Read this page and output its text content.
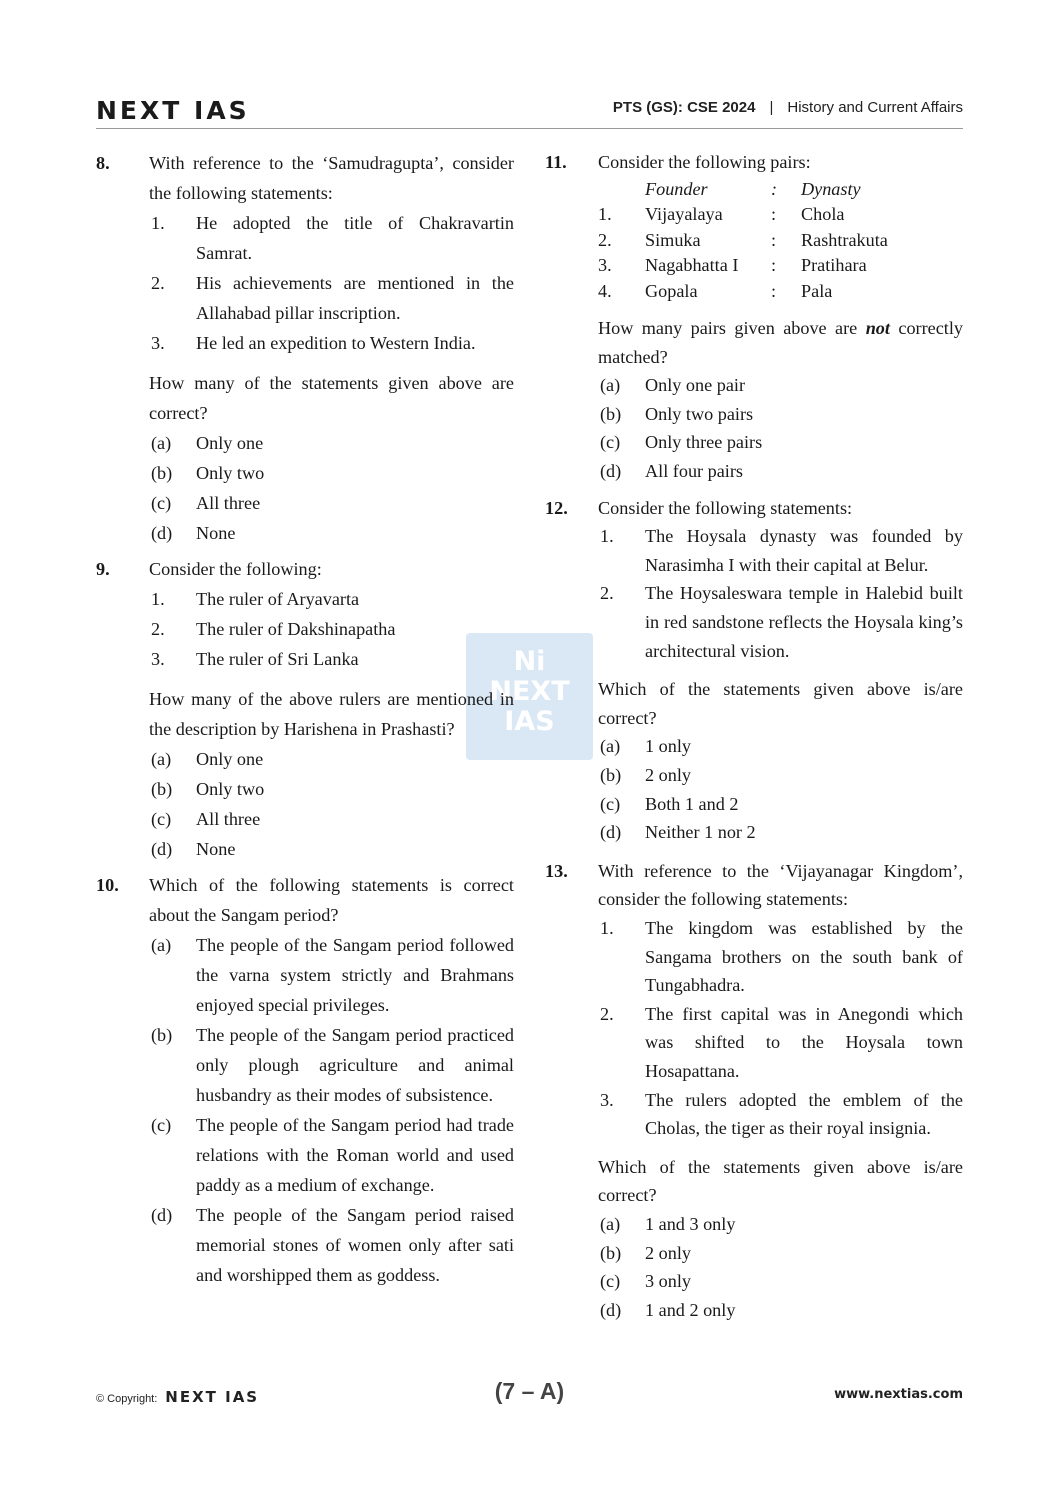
NEXT IAS	PTS (GS): CSE 2024 | History and Current Affairs
Ni
NEXT
IAS
8. With reference to the ‘Samudragupta’, consider the following statements:
1. He adopted the title of Chakravartin Samrat.
2. His achievements are mentioned in the Allahabad pillar inscription.
3. He led an expedition to Western India.
How many of the statements given above are correct?
(a) Only one
(b) Only two
(c) All three
(d) None
9. Consider the following:
1. The ruler of Aryavarta
2. The ruler of Dakshinapatha
3. The ruler of Sri Lanka
How many of the above rulers are mentioned in the description by Harishena in Prashasti?
(a) Only one
(b) Only two
(c) All three
(d) None
10. Which of the following statements is correct about the Sangam period?
(a) The people of the Sangam period followed the varna system strictly and Brahmans enjoyed special privileges.
(b) The people of the Sangam period practiced only plough agriculture and animal husbandry as their modes of subsistence.
(c) The people of the Sangam period had trade relations with the Roman world and used paddy as a medium of exchange.
(d) The people of the Sangam period raised memorial stones of women only after sati and worshipped them as goddess.
11. Consider the following pairs:
	Founder	:	Dynasty
1.	Vijayalaya	:	Chola
2.	Simuka	:	Rashtrakuta
3.	Nagabhatta I	:	Pratihara
4.	Gopala	:	Pala
How many pairs given above are not correctly matched?
(a) Only one pair
(b) Only two pairs
(c) Only three pairs
(d) All four pairs
12. Consider the following statements:
1. The Hoysala dynasty was founded by Narasimha I with their capital at Belur.
2. The Hoysaleswara temple in Halebid built in red sandstone reflects the Hoysala king’s architectural vision.
Which of the statements given above is/are correct?
(a) 1 only
(b) 2 only
(c) Both 1 and 2
(d) Neither 1 nor 2
13. With reference to the ‘Vijayanagar Kingdom’, consider the following statements:
1. The kingdom was established by the Sangama brothers on the south bank of Tungabhadra.
2. The first capital was in Anegondi which was shifted to the Hoysala town Hosapattana.
3. The rulers adopted the emblem of the Cholas, the tiger as their royal insignia.
Which of the statements given above is/are correct?
(a) 1 and 3 only
(b) 2 only
(c) 3 only
(d) 1 and 2 only
© Copyright: NEXT IAS	(7 – A)	www.nextias.com
